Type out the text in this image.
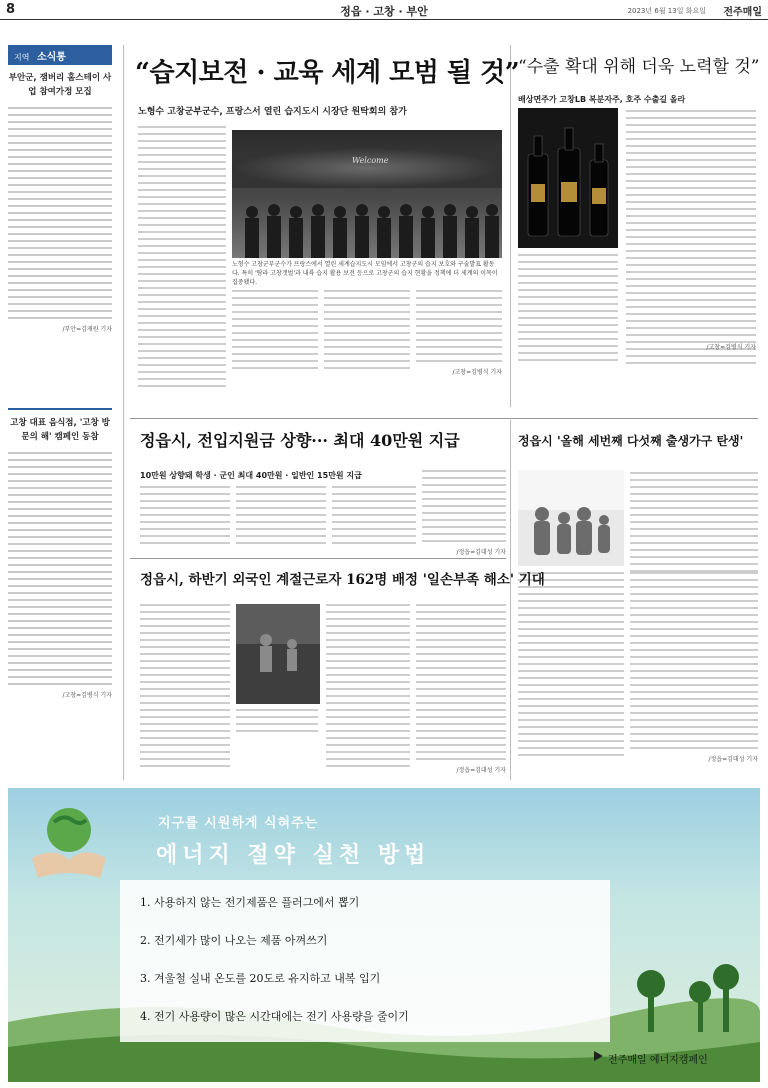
8	정읍 · 고창 · 부안	2023년 6월 13일 화요일 전주매일
지역 소식통
부안군, 잼버리 홈스테이 사업 참여가정 모집
/부안=김재원 기자
고창 대표 음식점, '고창 방문의 해' 캠페인 동참
/고창=김병식 기자
“습지보전 · 교육 세계 모범 될 것”
노형수 고창군부군수, 프랑스서 열린 습지도시 시장단 원탁회의 참가
Welcome
노형수 고창군부군수가 프랑스에서 열린 세계습지도시 모임에서 고창군의 습지 보호와 구술발표 활동다. 특히 '탐라 고창갯벌'과 내륙 습지 활용 보전 등으로 고창군의 습지 현황을 정책에 더 세계의 이목이 집중됐다.
/고창=김병식 기자
“수출 확대 위해 더욱 노력할 것”
배상면주가 고창LB 복분자주, 호주 수출길 올라
/고창=김병식 기자
정읍시, 전입지원금 상향··· 최대 40만원 지급
10만원 상향돼 학생 · 군인 최대 40만원 · 일반인 15만원 지급
/정읍=김대성 기자
정읍시 '올해 세번째 다섯째 출생가구 탄생'
/정읍=김대성 기자
정읍시, 하반기 외국인 계절근로자 162명 배정 '일손부족 해소' 기대
/정읍=김대성 기자
지구를 시원하게 식혀주는
에너지 절약 실천 방법
1. 사용하지 않는 전기제품은 플러그에서 뽑기
2. 전기세가 많이 나오는 제품 아껴쓰기
3. 겨울철 실내 온도를 20도로 유지하고 내복 입기
4. 전기 사용량이 많은 시간대에는 전기 사용량을 줄이기
전주매일 에너지캠페인
